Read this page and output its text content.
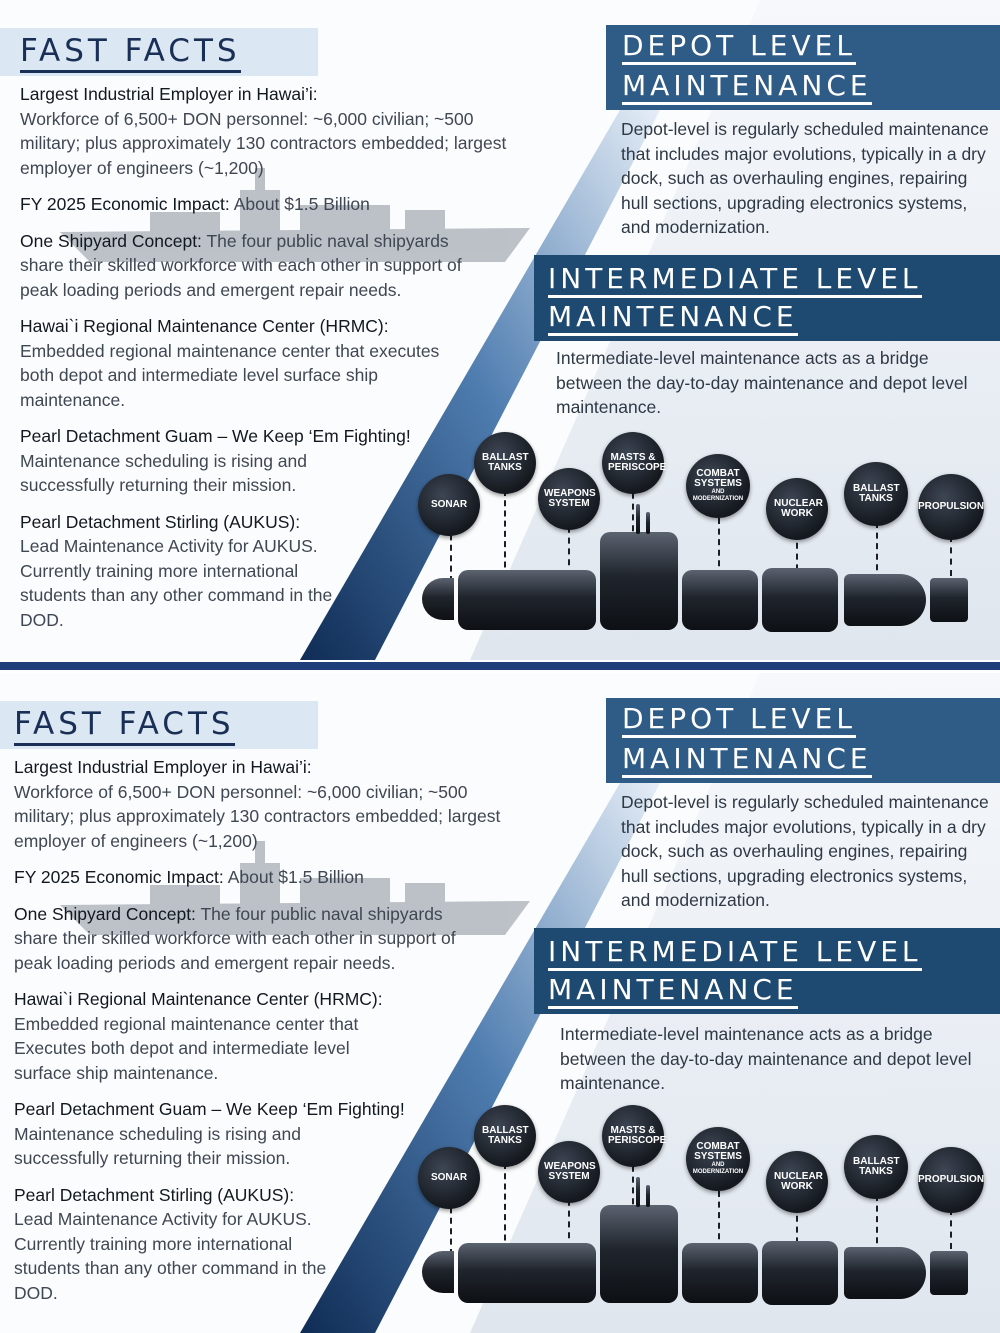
FAST FACTS
Largest Industrial Employer in Hawai’i:
Workforce of 6,500+ DON personnel: ~6,000 civilian; ~500 military; plus approximately 130 contractors embedded; largest employer of engineers (~1,200)
FY 2025 Economic Impact: About $1.5 Billion
One Shipyard Concept: The four public naval shipyards share their skilled workforce with each other in support of peak loading periods and emergent repair needs.
Hawai`i Regional Maintenance Center (HRMC):
Embedded regional maintenance center that executes both depot and intermediate level surface ship maintenance.
Pearl Detachment Guam – We Keep ‘Em Fighting!
Maintenance scheduling is rising and successfully returning their mission.
Pearl Detachment Stirling (AUKUS):
Lead Maintenance Activity for AUKUS. Currently training more international students than any other command in the DOD.
DEPOT LEVEL
MAINTENANCE
Depot-level is regularly scheduled maintenance that includes major evolutions, typically in a dry dock, such as overhauling engines, repairing hull sections, upgrading electronics systems, and modernization.
INTERMEDIATE LEVEL
MAINTENANCE
Intermediate-level maintenance acts as a bridge between the day-to-day maintenance and depot level maintenance.
SONAR
BALLAST TANKS
WEAPONS SYSTEM
MASTS & PERISCOPE
COMBAT SYSTEMS
AND MODERNIZATION	NUCLEAR WORK
BALLAST TANKS
PROPULSION
FAST FACTS
Largest Industrial Employer in Hawai’i:
Workforce of 6,500+ DON personnel: ~6,000 civilian; ~500 military; plus approximately 130 contractors embedded; largest employer of engineers (~1,200)
FY 2025 Economic Impact: About $1.5 Billion
One Shipyard Concept: The four public naval shipyards share their skilled workforce with each other in support of peak loading periods and emergent repair needs.
Hawai`i Regional Maintenance Center (HRMC):
Embedded regional maintenance center that Executes both depot and intermediate level surface ship maintenance.
Pearl Detachment Guam – We Keep ‘Em Fighting!
Maintenance scheduling is rising and successfully returning their mission.
Pearl Detachment Stirling (AUKUS):
Lead Maintenance Activity for AUKUS. Currently training more international students than any other command in the DOD.
DEPOT LEVEL
MAINTENANCE
Depot-level is regularly scheduled maintenance that includes major evolutions, typically in a dry dock, such as overhauling engines, repairing hull sections, upgrading electronics systems, and modernization.
INTERMEDIATE LEVEL
MAINTENANCE
Intermediate-level maintenance acts as a bridge between the day-to-day maintenance and depot level maintenance.
SONAR
BALLAST TANKS
WEAPONS SYSTEM
MASTS & PERISCOPE
COMBAT SYSTEMS
AND MODERNIZATION	NUCLEAR WORK
BALLAST TANKS
PROPULSION
